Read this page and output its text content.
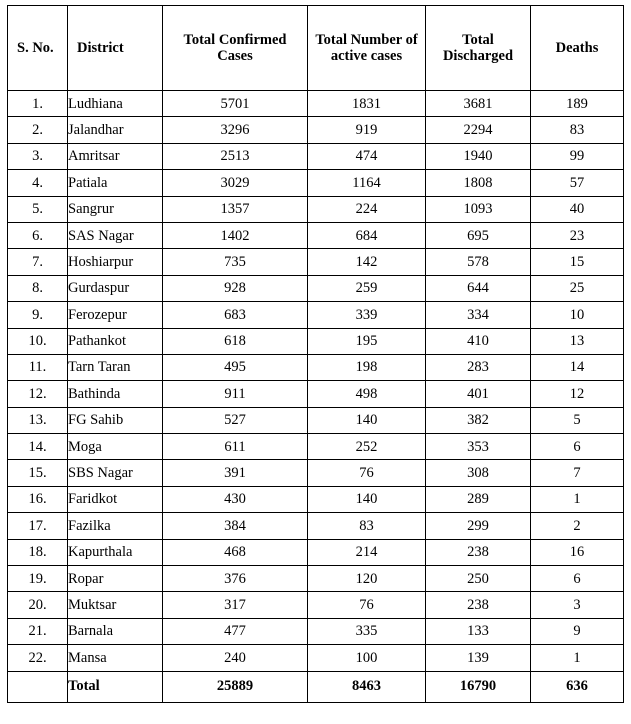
S. No.	District	Total Confirmed Cases	Total Number of active cases	Total Discharged	Deaths
1.	Ludhiana	5701	1831	3681	189
2.	Jalandhar	3296	919	2294	83
3.	Amritsar	2513	474	1940	99
4.	Patiala	3029	1164	1808	57
5.	Sangrur	1357	224	1093	40
6.	SAS Nagar	1402	684	695	23
7.	Hoshiarpur	735	142	578	15
8.	Gurdaspur	928	259	644	25
9.	Ferozepur	683	339	334	10
10.	Pathankot	618	195	410	13
11.	Tarn Taran	495	198	283	14
12.	Bathinda	911	498	401	12
13.	FG Sahib	527	140	382	5
14.	Moga	611	252	353	6
15.	SBS Nagar	391	76	308	7
16.	Faridkot	430	140	289	1
17.	Fazilka	384	83	299	2
18.	Kapurthala	468	214	238	16
19.	Ropar	376	120	250	6
20.	Muktsar	317	76	238	3
21.	Barnala	477	335	133	9
22.	Mansa	240	100	139	1
	Total	25889	8463	16790	636
